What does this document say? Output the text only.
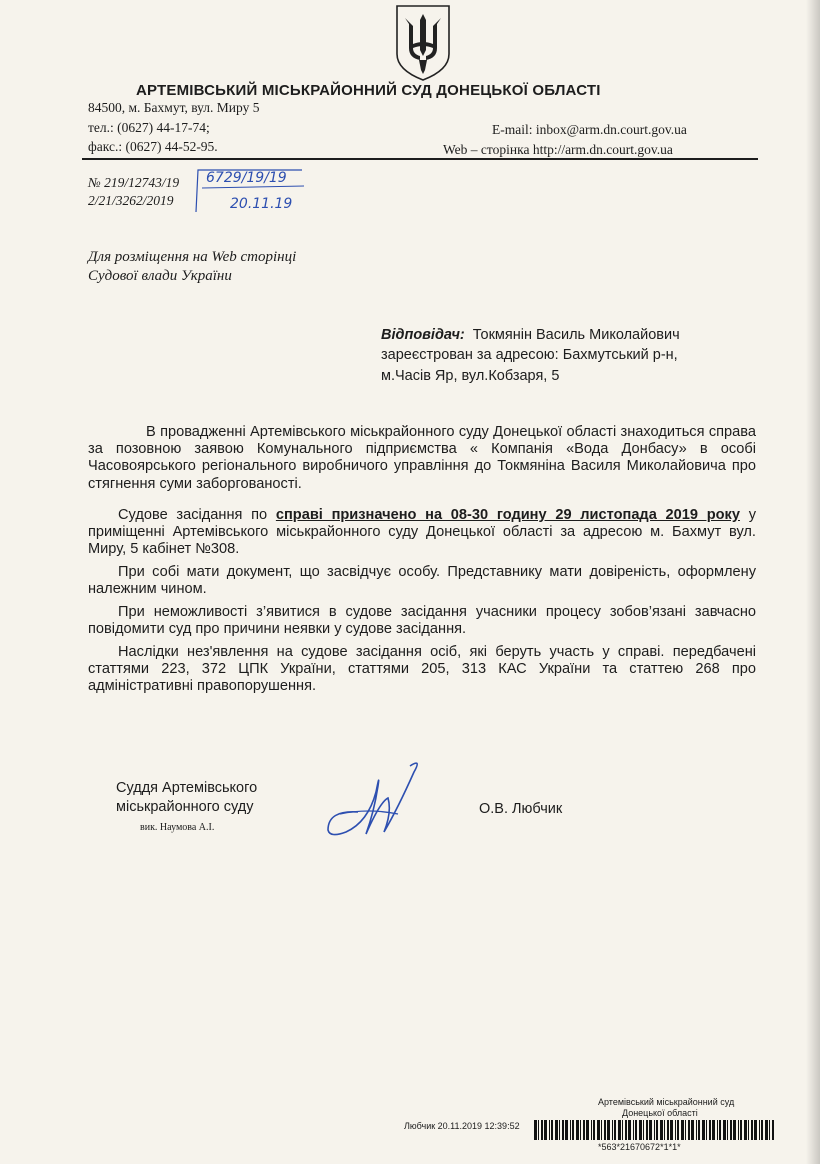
АРТЕМІВСЬКИЙ МІСЬКРАЙОННИЙ СУД ДОНЕЦЬКОЇ ОБЛАСТІ
84500, м. Бахмут, вул. Миру 5
тел.: (0627) 44-17-74;
факс.: (0627) 44-52-95.
E-mail: inbox@arm.dn.court.gov.ua
Web – сторінка http://arm.dn.court.gov.ua
№ 219/12743/19
2/21/3262/2019
6729/19/19
20.11.19
Для розміщення на Web сторінці
Судової влади України
Відповідач: Токмянін Василь Миколайович
зареєстрован за адресою: Бахмутський р-н,
м.Часів Яр, вул.Кобзаря, 5
В провадженні Артемівського міськрайонного суду Донецької області знаходиться справа за позовною заявою Комунального підприємства « Компанія «Вода Донбасу» в особі Часовоярського регіонального виробничого управління до Токмяніна Василя Миколайовича про стягнення суми заборгованості.
Судове засідання по справі призначено на 08-30 годину 29 листопада 2019 року у приміщенні Артемівського міськрайонного суду Донецької області за адресою м. Бахмут вул. Миру, 5 кабінет №308.
При собі мати документ, що засвідчує особу. Представнику мати довіреність, оформлену належним чином.
При неможливості з’явитися в судове засідання учасники процесу зобов’язані завчасно повідомити суд про причини неявки у судове засідання.
Наслідки нез'явлення на судове засідання осіб, які беруть участь у справі. передбачені статтями 223, 372 ЦПК України, статтями 205, 313 КАС України та статтею 268 про адміністративні правопорушення.
Суддя Артемівського
міськрайонного суду
вик. Наумова А.І.
О.В. Любчик
Артемівський міськрайонний суд
Донецької області
Любчик 20.11.2019 12:39:52
*563*21670672*1*1*
